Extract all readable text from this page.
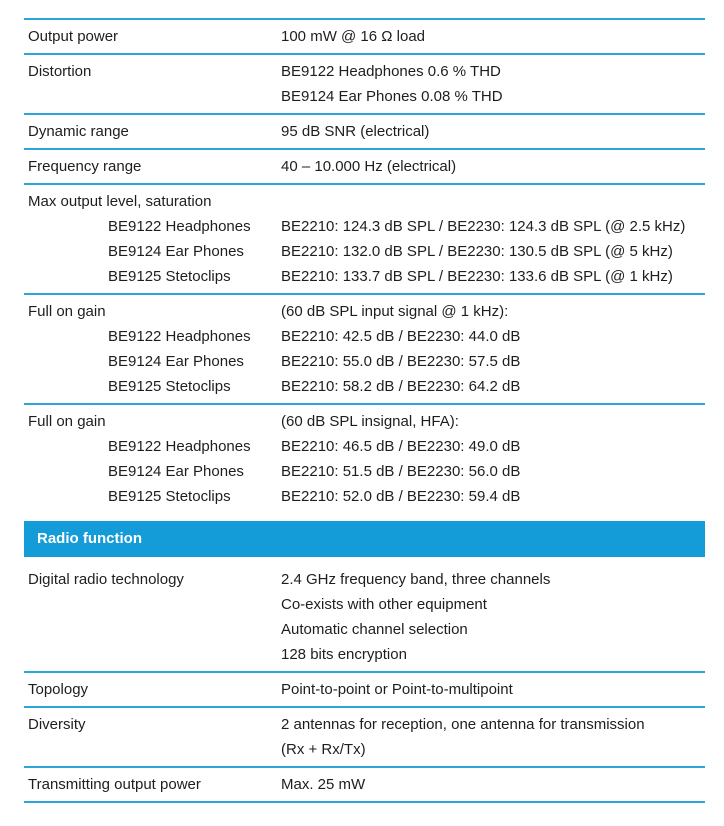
Output power	100 mW @ 16 Ω load
Distortion	BE9122 Headphones 0.6 % THD
BE9124 Ear Phones 0.08 % THD
Dynamic range	95 dB SNR (electrical)
Frequency range	40 – 10.000 Hz (electrical)
Max output level, saturation
BE9122 Headphones	BE2210: 124.3 dB SPL / BE2230: 124.3 dB SPL (@ 2.5 kHz)
BE9124 Ear Phones	BE2210: 132.0 dB SPL / BE2230: 130.5 dB SPL (@ 5 kHz)
BE9125 Stetoclips	BE2210: 133.7 dB SPL / BE2230: 133.6 dB SPL (@ 1 kHz)
Full on gain	(60 dB SPL input signal @ 1 kHz):
BE9122 Headphones	BE2210: 42.5 dB / BE2230: 44.0 dB
BE9124 Ear Phones	BE2210: 55.0 dB / BE2230: 57.5 dB
BE9125 Stetoclips	BE2210: 58.2 dB / BE2230: 64.2 dB
Full on gain	(60 dB SPL insignal, HFA):
BE9122 Headphones	BE2210: 46.5 dB / BE2230: 49.0 dB
BE9124 Ear Phones	BE2210: 51.5 dB / BE2230: 56.0 dB
BE9125 Stetoclips	BE2210: 52.0 dB / BE2230: 59.4 dB
Radio function
Digital radio technology	2.4 GHz frequency band, three channels
Co-exists with other equipment
Automatic channel selection
128 bits encryption
Topology	Point-to-point or Point-to-multipoint
Diversity	2 antennas for reception, one antenna for transmission
(Rx + Rx/Tx)
Transmitting output power	Max. 25 mW
